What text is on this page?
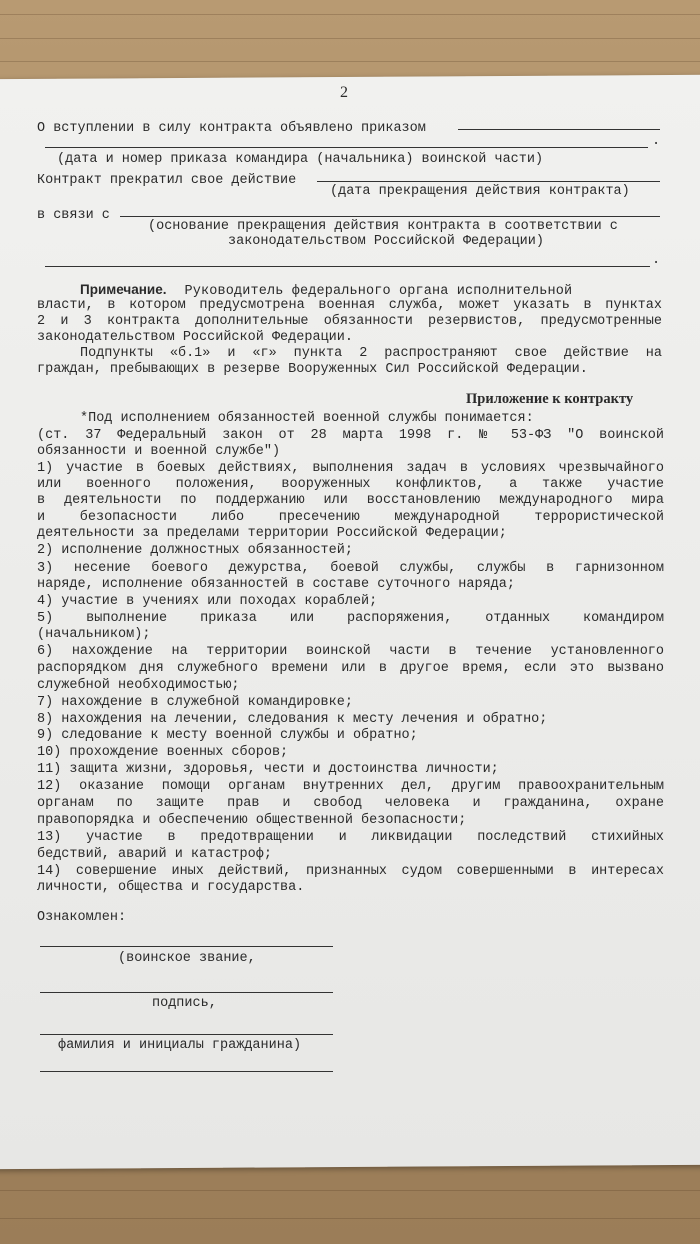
2
О вступлении в силу контракта объявлено приказом
.
(дата и номер приказа командира (начальника) воинской части)
Контракт прекратил свое действие
(дата прекращения действия контракта)
в связи с
(основание прекращения действия контракта в соответствии с
законодательством Российской Федерации)
.
Примечание. Руководитель федерального органа исполнительной
власти, в котором предусмотрена военная служба, может указать в пунктах
2 и 3 контракта дополнительные обязанности резервистов, предусмотренные
законодательством Российской Федерации.
Подпункты «б.1» и «г» пункта 2 распространяют свое действие на
граждан, пребывающих в резерве Вооруженных Сил Российской Федерации.
Приложение к контракту
*Под исполнением обязанностей военной службы понимается:
(ст. 37 Федеральный закон от 28 марта 1998 г. № 53-ФЗ "О воинской
обязанности и военной службе")
1) участие в боевых действиях, выполнения задач в условиях чрезвычайного
или военного положения, вооруженных конфликтов, а также участие
в деятельности по поддержанию или восстановлению международного мира
и безопасности либо пресечению международной террористической
деятельности за пределами территории Российской Федерации;
2) исполнение должностных обязанностей;
3) несение боевого дежурства, боевой службы, службы в гарнизонном
наряде, исполнение обязанностей в составе суточного наряда;
4) участие в учениях или походах кораблей;
5) выполнение приказа или распоряжения, отданных командиром
(начальником);
6) нахождение на территории воинской части в течение установленного
распорядком дня служебного времени или в другое время, если это вызвано
служебной необходимостью;
7) нахождение в служебной командировке;
8) нахождения на лечении, следования к месту лечения и обратно;
9) следование к месту военной службы и обратно;
10) прохождение военных сборов;
11) защита жизни, здоровья, чести и достоинства личности;
12) оказание помощи органам внутренних дел, другим правоохранительным
органам по защите прав и свобод человека и гражданина, охране
правопорядка и обеспечению общественной безопасности;
13) участие в предотвращении и ликвидации последствий стихийных
бедствий, аварий и катастроф;
14) совершение иных действий, признанных судом совершенными в интересах
личности, общества и государства.
Ознакомлен:
(воинское звание,
подпись,
фамилия и инициалы гражданина)
